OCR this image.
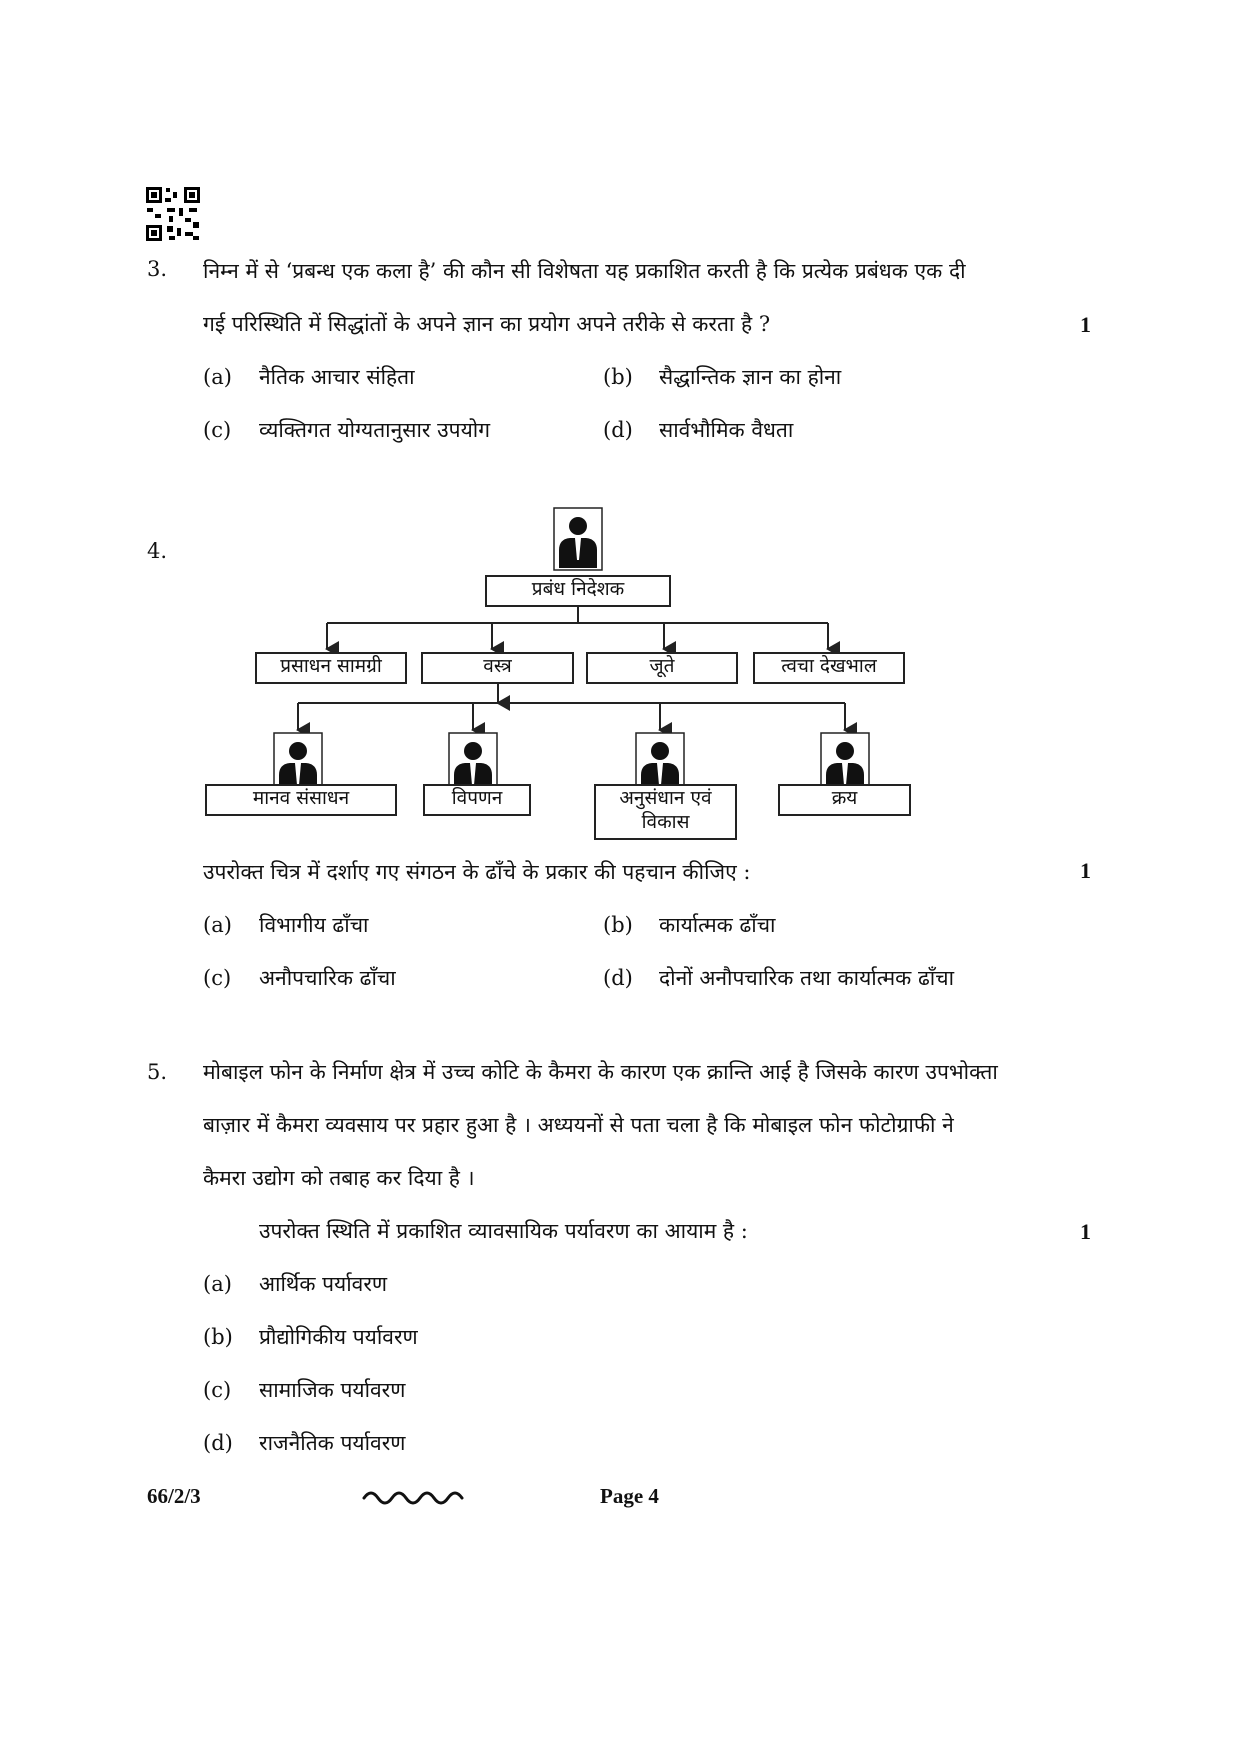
3. निम्न में से ‘प्रबन्ध एक कला है’ की कौन सी विशेषता यह प्रकाशित करती है कि प्रत्येक प्रबंधक एक दी
गई परिस्थिति में सिद्धांतों के अपने ज्ञान का प्रयोग अपने तरीके से करता है ?	1
(a) नैतिक आचार संहिता	(b) सैद्धान्तिक ज्ञान का होना
(c) व्यक्तिगत योग्यतानुसार उपयोग	(d) सार्वभौमिक वैधता
4.
प्रबंध निदेशक
प्रसाधन सामग्री	वस्त्र	जूते	त्वचा देखभाल
मानव संसाधन	विपणन	अनुसंधान एवं
विकास
क्रय
उपरोक्त चित्र में दर्शाए गए संगठन के ढाँचे के प्रकार की पहचान कीजिए :	1
(a) विभागीय ढाँचा	(b) कार्यात्मक ढाँचा
(c) अनौपचारिक ढाँचा	(d) दोनों अनौपचारिक तथा कार्यात्मक ढाँचा
5. मोबाइल फोन के निर्माण क्षेत्र में उच्च कोटि के कैमरा के कारण एक क्रान्ति आई है जिसके कारण उपभोक्ता
बाज़ार में कैमरा व्यवसाय पर प्रहार हुआ है । अध्ययनों से पता चला है कि मोबाइल फोन फोटोग्राफी ने
कैमरा उद्योग को तबाह कर दिया है ।
उपरोक्त स्थिति में प्रकाशित व्यावसायिक पर्यावरण का आयाम है :	1
(a) आर्थिक पर्यावरण
(b) प्रौद्योगिकीय पर्यावरण
(c) सामाजिक पर्यावरण
(d) राजनैतिक पर्यावरण
66/2/3	Page 4
